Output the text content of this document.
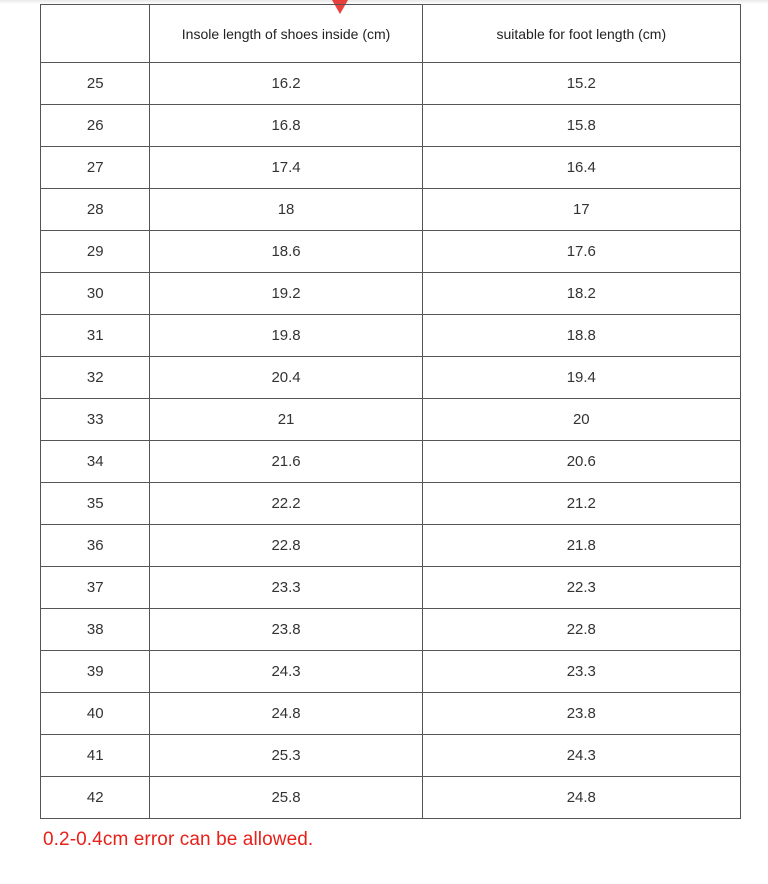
	Insole length of shoes inside (cm)	suitable for foot length (cm)
25	16.2	15.2
26	16.8	15.8
27	17.4	16.4
28	18	17
29	18.6	17.6
30	19.2	18.2
31	19.8	18.8
32	20.4	19.4
33	21	20
34	21.6	20.6
35	22.2	21.2
36	22.8	21.8
37	23.3	22.3
38	23.8	22.8
39	24.3	23.3
40	24.8	23.8
41	25.3	24.3
42	25.8	24.8
0.2-0.4cm error can be allowed.
